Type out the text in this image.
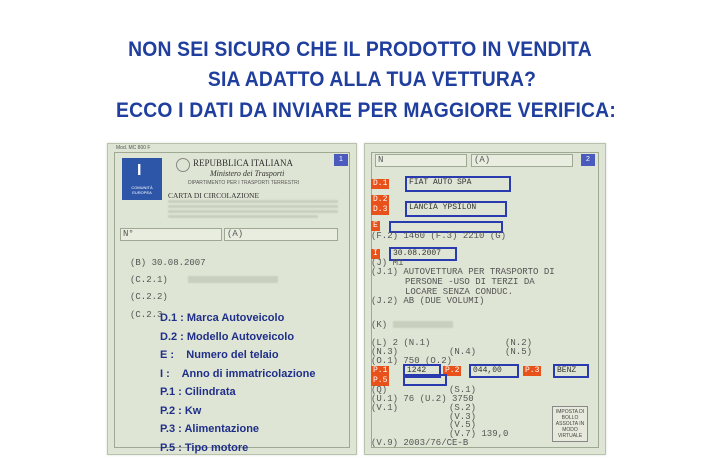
NON SEI SICURO CHE IL PRODOTTO IN VENDITA
SIA ADATTO ALLA TUA VETTURA?
ECCO I DATI DA INVIARE PER MAGGIORE VERIFICA:
Mod. MC 800 F
I
COMUNITÀ EUROPEA
REPUBBLICA ITALIANA
Ministero dei Trasporti
DIPARTIMENTO PER I TRASPORTI TERRESTRI
1
CARTA DI CIRCOLAZIONE
N°	(A)
(B) 30.08.2007
(C.2.1)
(C.2.2)
(C.2.3
D.1 : Marca Autoveicolo
D.2 : Modello Autoveicolo
E :    Numero del telaio
I :    Anno di immatricolazione
P.1 : Cilindrata
P.2 : Kw
P.3 : Alimentazione
P.5 : Tipo motore
N	(A)	2
D.1	FIAT AUTO SPA
D.2
D.3	LANCIA YPSILON
E
(F.2) 1460 (F.3) 2210 (G)
I	30.08.2007
(J) M1
(J.1) AUTOVETTURA PER TRASPORTO DI
PERSONE -USO DI TERZI DA
LOCARE SENZA CONDUC.
(J.2) AB (DUE VOLUMI)
(K)
(L) 2 (N.1)	(N.2)
(N.3)	(N.4)	(N.5)
(O.1) 750 (O.2)
P.1	1242	P.2	044,00	P.3	BENZ
P.5
(Q)	(S.1)
(U.1) 76 (U.2) 3750
(V.1)	(S.2)
(V.3)
(V.5)
(V.7) 139,0
(V.9) 2003/76/CE-B
IMPOSTA DI BOLLO ASSOLTA IN MODO VIRTUALE
